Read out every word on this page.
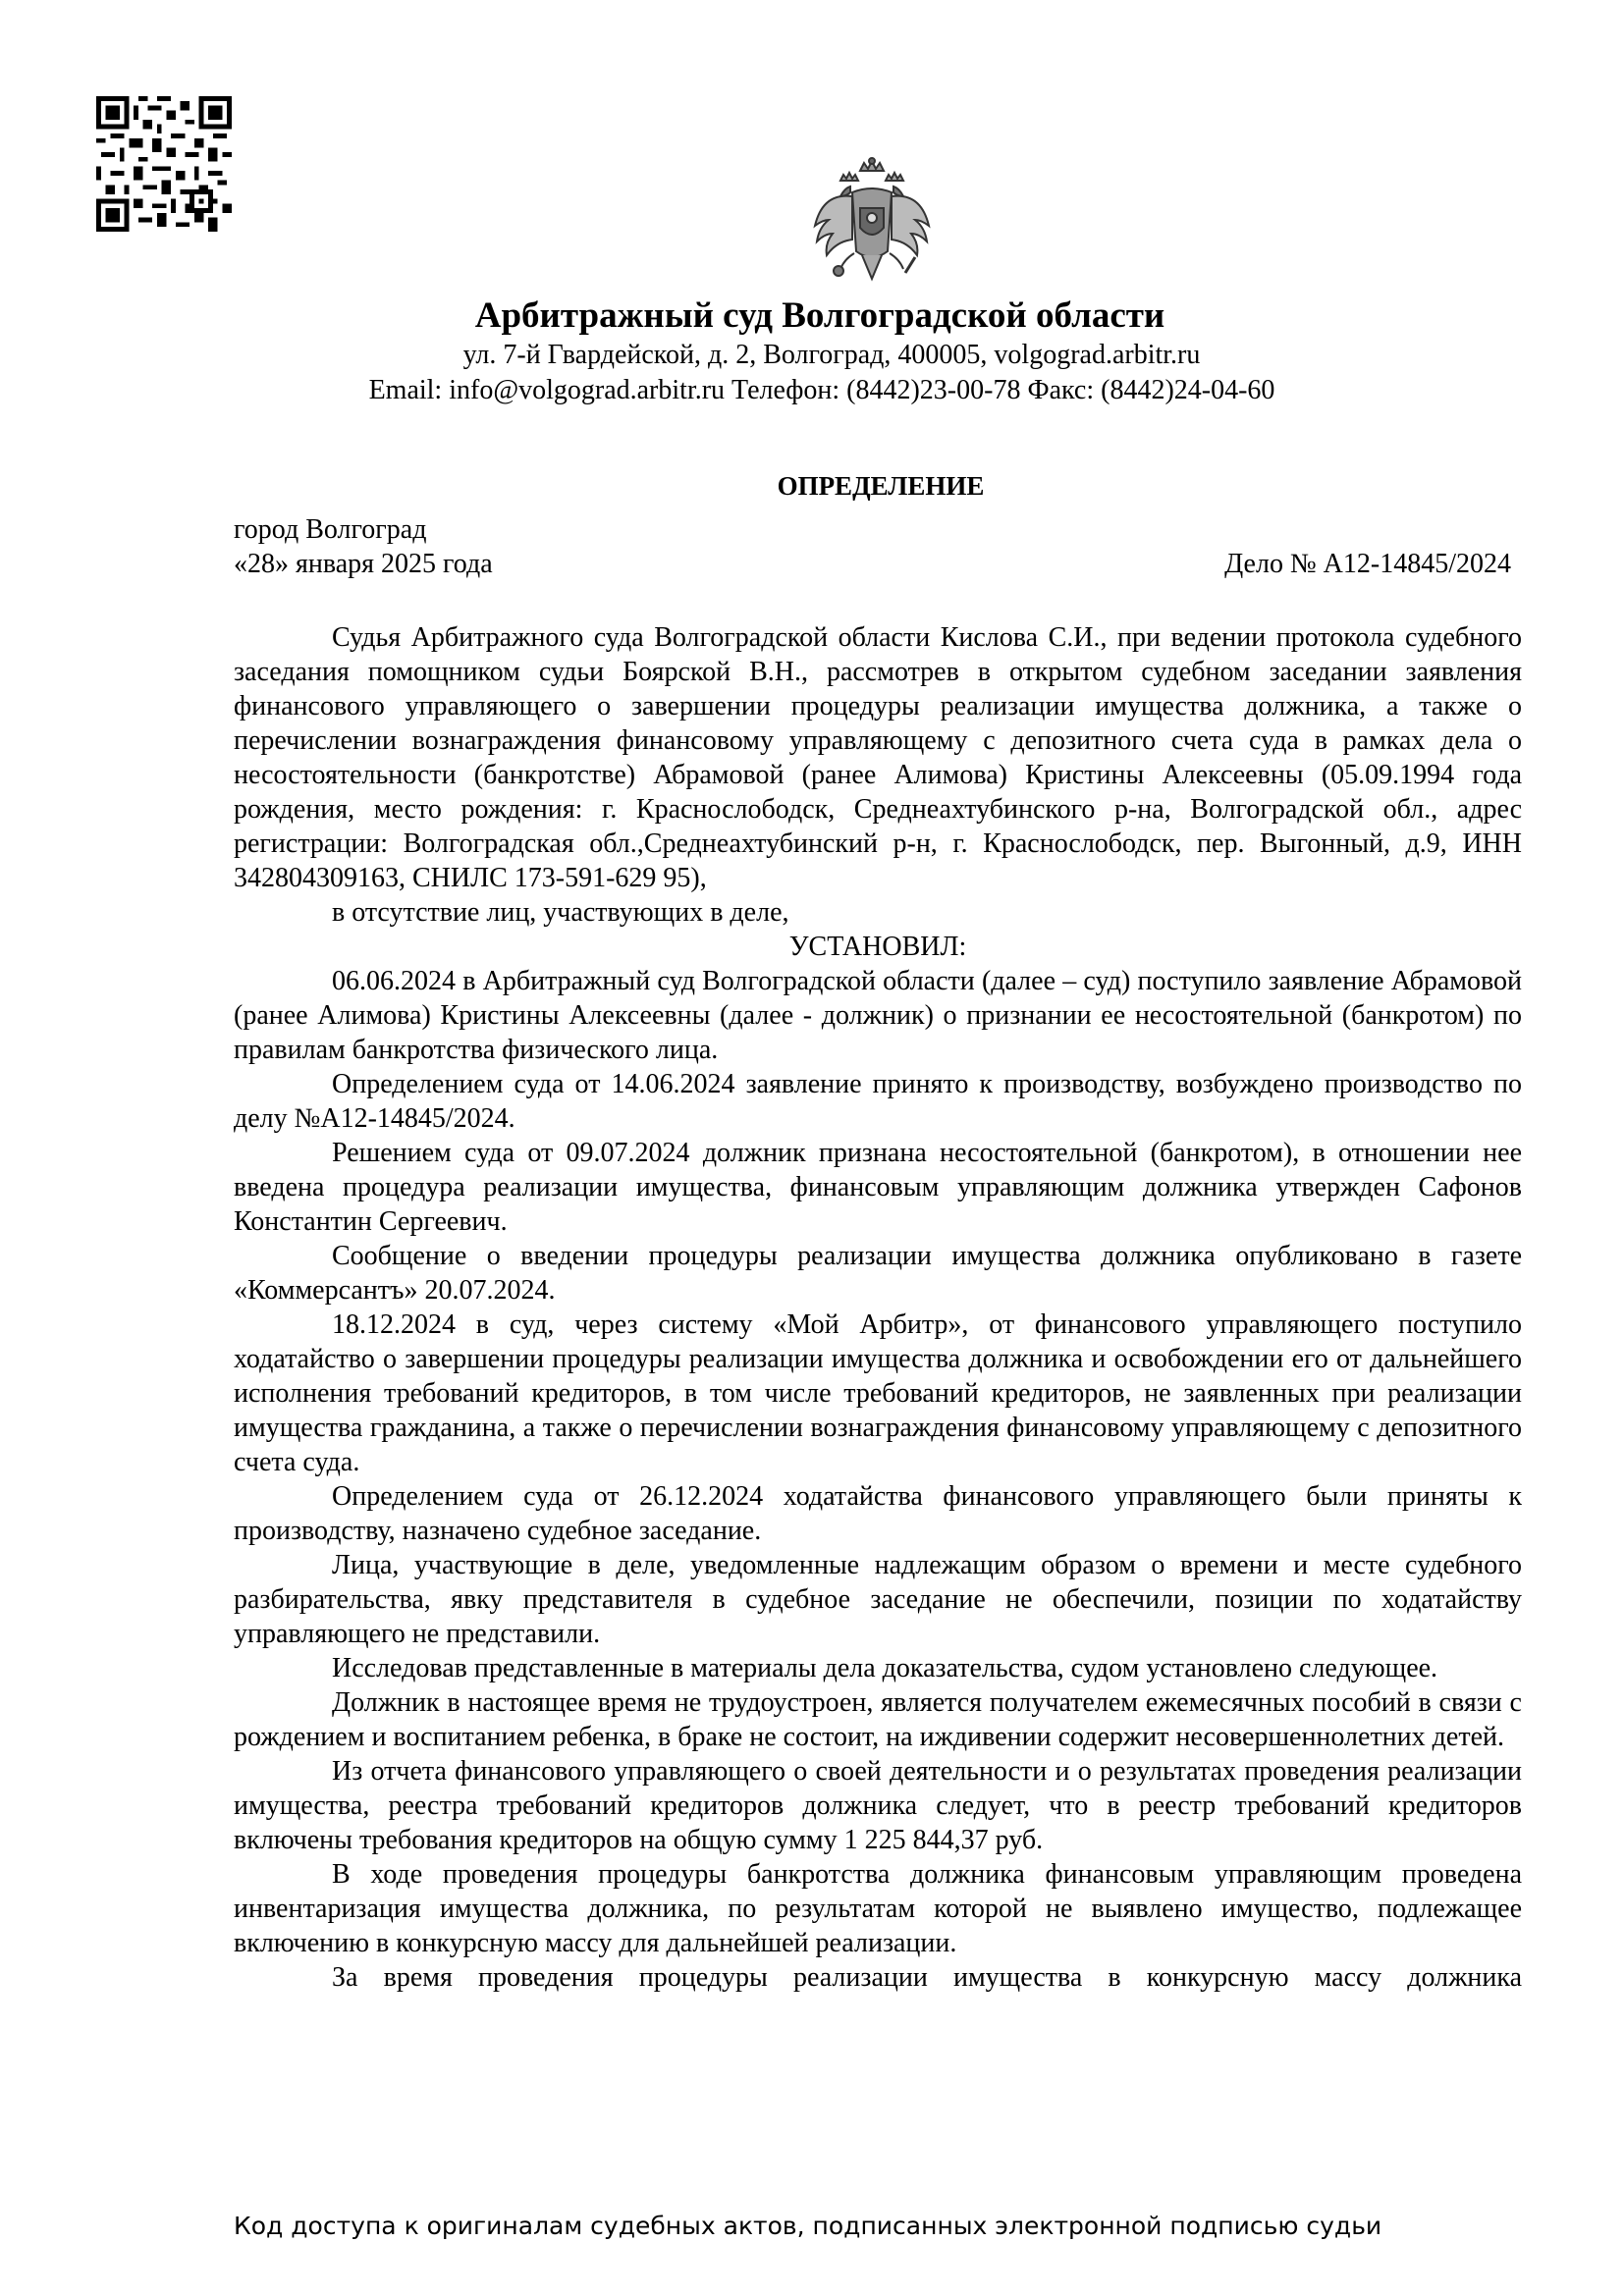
Арбитражный суд Волгоградской области
ул. 7-й Гвардейской, д. 2, Волгоград, 400005, volgograd.arbitr.ru
Email: info@volgograd.arbitr.ru Телефон: (8442)23-00-78 Факс: (8442)24-04-60
ОПРЕДЕЛЕНИЕ
город Волгоград
«28» января 2025 года	Дело № А12-14845/2024

Судья Арбитражного суда Волгоградской области Кислова С.И., при ведении протокола судебного заседания помощником судьи Боярской В.Н., рассмотрев в открытом судебном заседании заявления финансового управляющего о завершении процедуры реализации имущества должника, а также о перечислении вознаграждения финансовому управляющему с депозитного счета суда в рамках дела о несостоятельности (банкротстве) Абрамовой (ранее Алимова) Кристины Алексеевны (05.09.1994 года рождения, место рождения: г. Краснослободск, Среднеахтубинского р-на, Волгоградской обл., адрес регистрации: Волгоградская обл.,Среднеахтубинский р-н, г. Краснослободск, пер. Выгонный, д.9, ИНН 342804309163, СНИЛС 173-591-629 95),

в отсутствие лиц, участвующих в деле,

УСТАНОВИЛ:

06.06.2024 в Арбитражный суд Волгоградской области (далее – суд) поступило заявление Абрамовой (ранее Алимова) Кристины Алексеевны (далее - должник) о признании ее несостоятельной (банкротом) по правилам банкротства физического лица.

Определением суда от 14.06.2024 заявление принято к производству, возбуждено производство по делу №А12-14845/2024.

Решением суда от 09.07.2024 должник признана несостоятельной (банкротом), в отношении нее введена процедура реализации имущества, финансовым управляющим должника утвержден Сафонов Константин Сергеевич.

Сообщение о введении процедуры реализации имущества должника опубликовано в газете «Коммерсантъ» 20.07.2024.

18.12.2024 в суд, через систему «Мой Арбитр», от финансового управляющего поступило ходатайство о завершении процедуры реализации имущества должника и освобождении его от дальнейшего исполнения требований кредиторов, в том числе требований кредиторов, не заявленных при реализации имущества гражданина, а также о перечислении вознаграждения финансовому управляющему с депозитного счета суда.

Определением суда от 26.12.2024 ходатайства финансового управляющего были приняты к производству, назначено судебное заседание.

Лица, участвующие в деле, уведомленные надлежащим образом о времени и месте судебного разбирательства, явку представителя в судебное заседание не обеспечили, позиции по ходатайству управляющего не представили.

Исследовав представленные в материалы дела доказательства, судом установлено следующее.

Должник в настоящее время не трудоустроен, является получателем ежемесячных пособий в связи с рождением и воспитанием ребенка, в браке не состоит, на иждивении содержит несовершеннолетних детей.

Из отчета финансового управляющего о своей деятельности и о результатах проведения реализации имущества, реестра требований кредиторов должника следует, что в реестр требований кредиторов включены требования кредиторов на общую сумму 1 225 844,37 руб.

В ходе проведения процедуры банкротства должника финансовым управляющим проведена инвентаризация имущества должника, по результатам которой не выявлено имущество, подлежащее включению в конкурсную массу для дальнейшей реализации.

За время проведения процедуры реализации имущества в конкурсную массу должника

Код доступа к оригиналам судебных актов, подписанных электронной подписью судьи
